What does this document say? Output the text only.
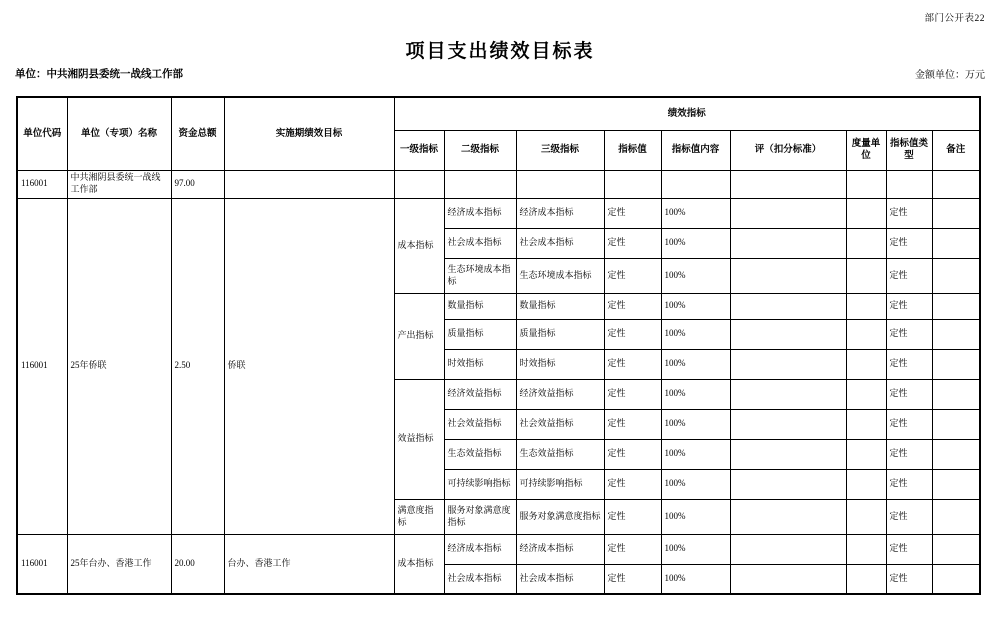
部门公开表22
项目支出绩效目标表
单位：中共湘阴县委统一战线工作部	金额单位：万元
单位代码	单位（专项）名称	资金总额	实施期绩效目标	绩效指标								
				一级指标	二级指标	三级指标	指标值	指标值内容	评（扣分标准）	度量单位	指标值类型	备注
116001	中共湘阴县委统一战线工作部	97.00										
116001	25年侨联	2.50	侨联	成本指标	经济成本指标	经济成本指标	定性	100%			定性	
					社会成本指标	社会成本指标	定性	100%			定性	
					生态环境成本指标	生态环境成本指标	定性	100%			定性	
				产出指标	数量指标	数量指标	定性	100%			定性	
					质量指标	质量指标	定性	100%			定性	
					时效指标	时效指标	定性	100%			定性	
				效益指标	经济效益指标	经济效益指标	定性	100%			定性	
					社会效益指标	社会效益指标	定性	100%			定性	
					生态效益指标	生态效益指标	定性	100%			定性	
					可持续影响指标	可持续影响指标	定性	100%			定性	
				满意度指标	服务对象满意度指标	服务对象满意度指标	定性	100%			定性	
116001	25年台办、香港工作	20.00	台办、香港工作	成本指标	经济成本指标	经济成本指标	定性	100%			定性	
					社会成本指标	社会成本指标	定性	100%			定性	
